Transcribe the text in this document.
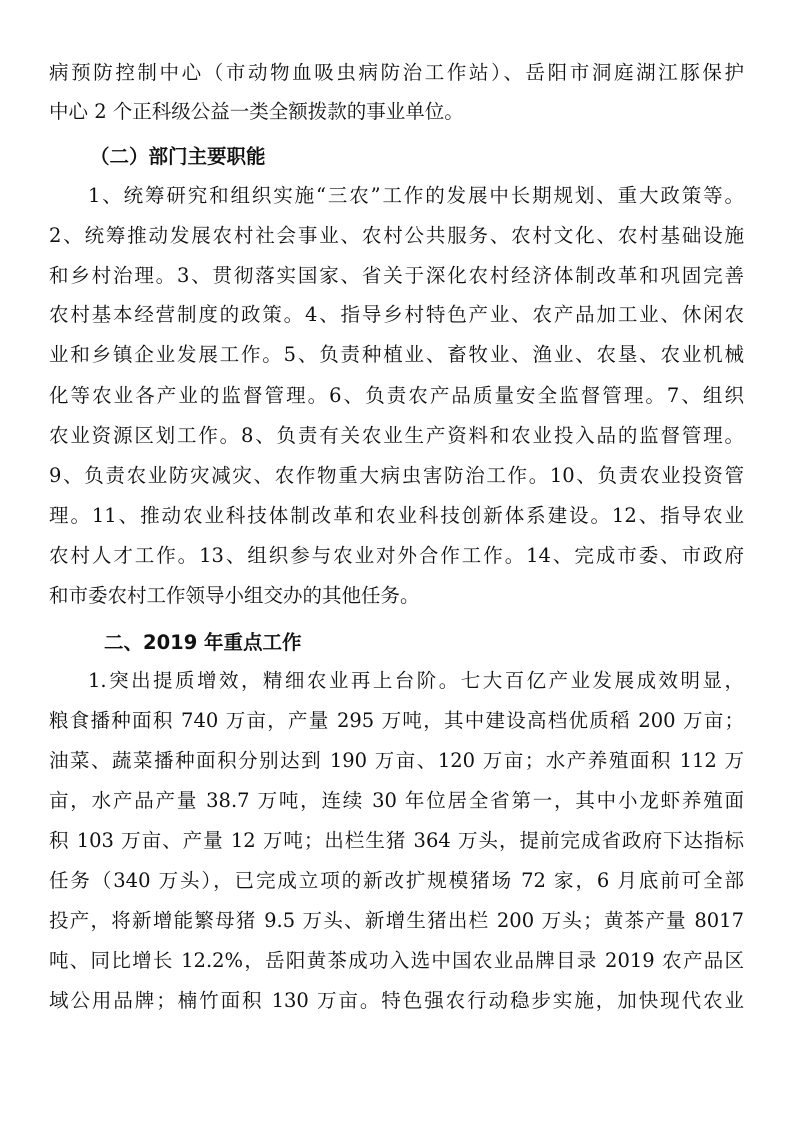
病预防控制中心（市动物血吸虫病防治工作站）、岳阳市洞庭湖江豚保护
中心 2 个正科级公益一类全额拨款的事业单位。
（二）部门主要职能
1、统筹研究和组织实施“三农”工作的发展中长期规划、重大政策等。
2、统筹推动发展农村社会事业、农村公共服务、农村文化、农村基础设施
和乡村治理。3、贯彻落实国家、省关于深化农村经济体制改革和巩固完善
农村基本经营制度的政策。4、指导乡村特色产业、农产品加工业、休闲农
业和乡镇企业发展工作。5、负责种植业、畜牧业、渔业、农垦、农业机械
化等农业各产业的监督管理。6、负责农产品质量安全监督管理。7、组织
农业资源区划工作。8、负责有关农业生产资料和农业投入品的监督管理。
9、负责农业防灾减灾、农作物重大病虫害防治工作。10、负责农业投资管
理。11、推动农业科技体制改革和农业科技创新体系建设。12、指导农业
农村人才工作。13、组织参与农业对外合作工作。14、完成市委、市政府
和市委农村工作领导小组交办的其他任务。
二、2019 年重点工作
1.突出提质增效，精细农业再上台阶。七大百亿产业发展成效明显，
粮食播种面积 740 万亩，产量 295 万吨，其中建设高档优质稻 200 万亩；
油菜、蔬菜播种面积分别达到 190 万亩、120 万亩；水产养殖面积 112 万
亩，水产品产量 38.7 万吨，连续 30 年位居全省第一，其中小龙虾养殖面
积 103 万亩、产量 12 万吨；出栏生猪 364 万头，提前完成省政府下达指标
任务（340 万头），已完成立项的新改扩规模猪场 72 家，6 月底前可全部
投产，将新增能繁母猪 9.5 万头、新增生猪出栏 200 万头；黄茶产量 8017
吨、同比增长 12.2%，岳阳黄茶成功入选中国农业品牌目录 2019 农产品区
域公用品牌；楠竹面积 130 万亩。特色强农行动稳步实施，加快现代农业
